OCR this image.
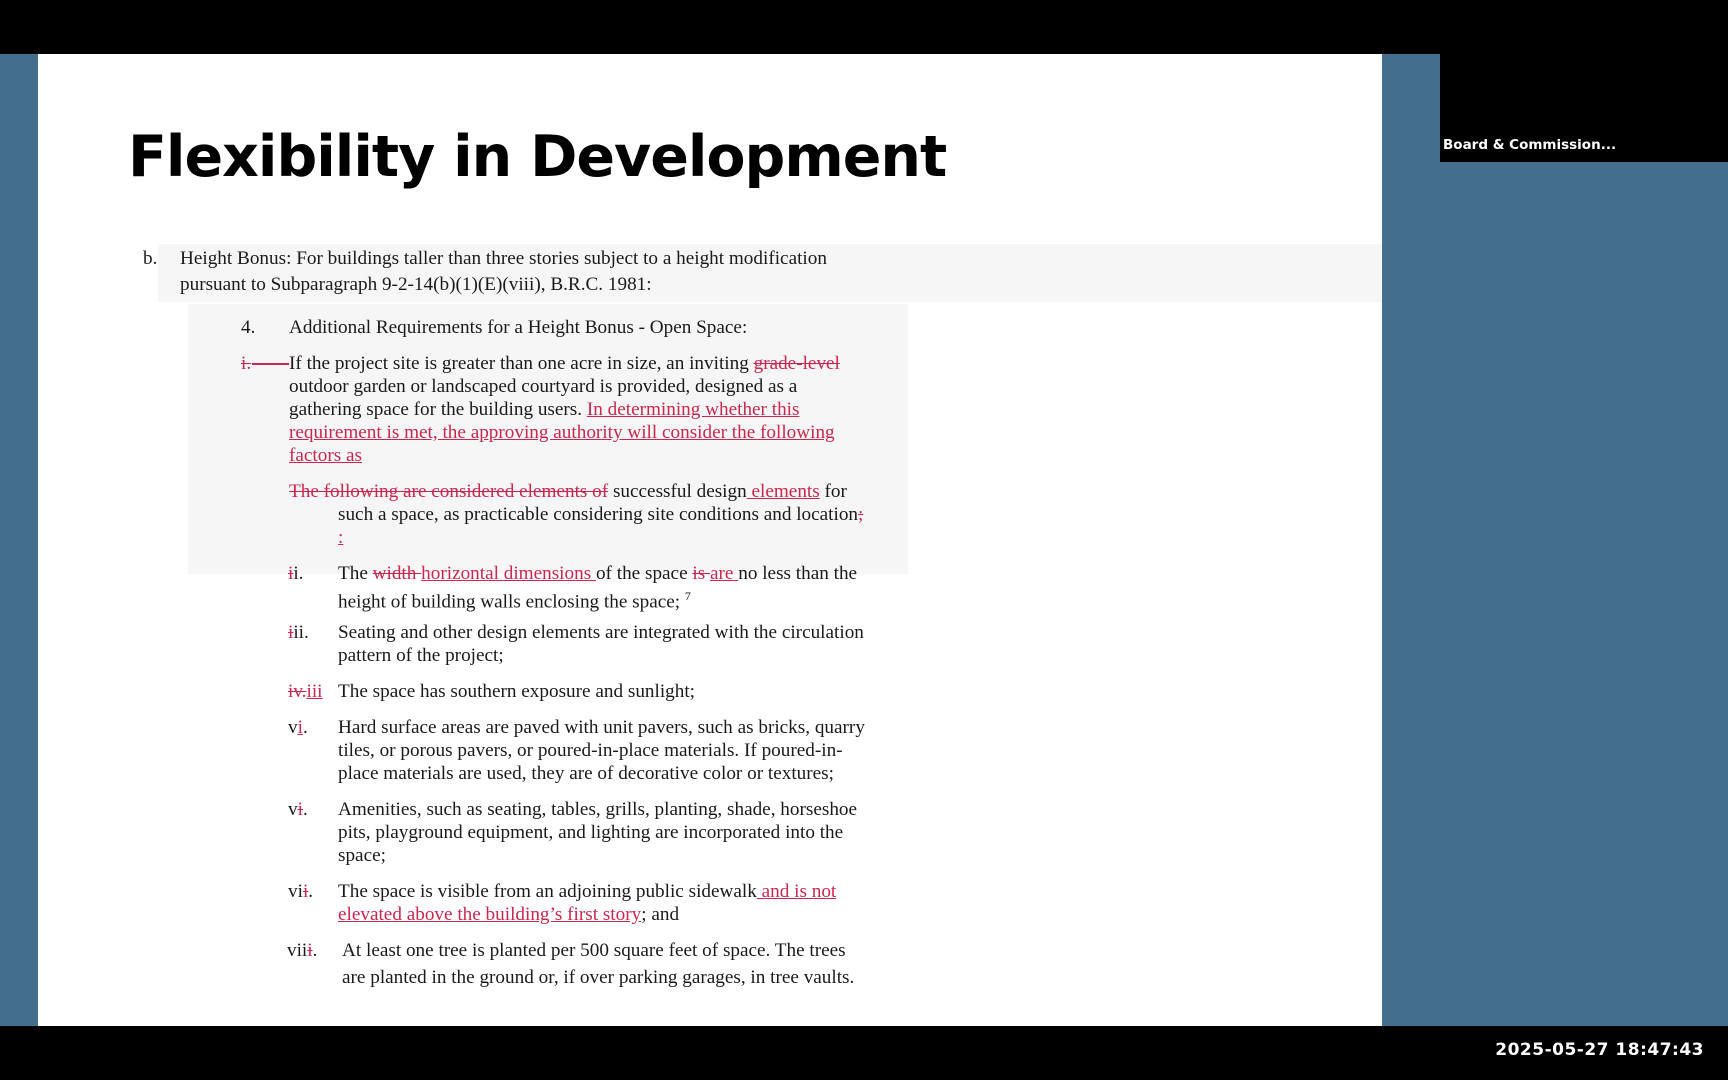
Flexibility in Development
b. Height Bonus: For buildings taller than three stories subject to a height modification
pursuant to Subparagraph 9-2-14(b)(1)(E)(viii), B.R.C. 1981:
4. Additional Requirements for a Height Bonus - Open Space:
i. If the project site is greater than one acre in size, an inviting grade-level
outdoor garden or landscaped courtyard is provided, designed as a
gathering space for the building users. In determining whether this
requirement is met, the approving authority will consider the following
factors as
The following are considered elements of successful design elements for
such a space, as practicable considering site conditions and location;
:
ii. The width horizontal dimensions of the space is are no less than the
height of building walls enclosing the space; $^7$
iii. Seating and other design elements are integrated with the circulation
pattern of the project;
iv.iii The space has southern exposure and sunlight;
vi. Hard surface areas are paved with unit pavers, such as bricks, quarry
tiles, or porous pavers, or poured-in-place materials. If poured-in-
place materials are used, they are of decorative color or textures;
vi. Amenities, such as seating, tables, grills, planting, shade, horseshoe
pits, playground equipment, and lighting are incorporated into the
space;
vii. The space is visible from an adjoining public sidewalk and is not
elevated above the building’s first story; and
viii. At least one tree is planted per 500 square feet of space. The trees
are planted in the ground or, if over parking garages, in tree vaults.
Board & Commission...
2025-05-27 18:47:43
